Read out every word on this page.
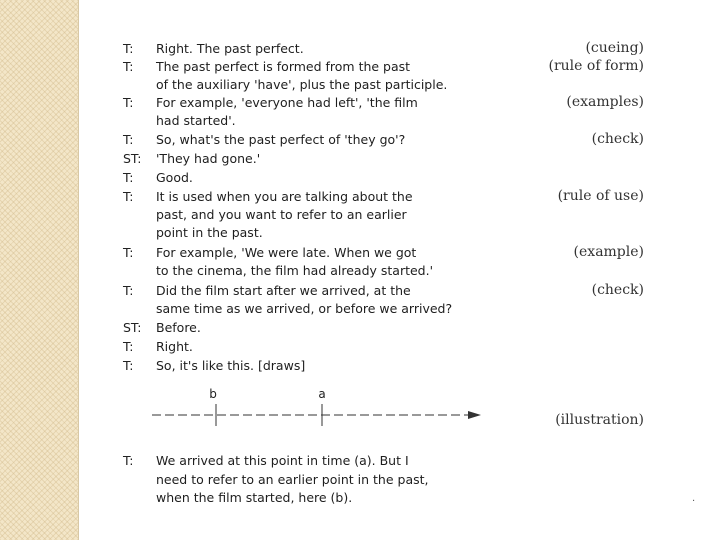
T:	Right. The past perfect.	(cueing)
T:	The past perfect is formed from the past	(rule of form)
of the auxiliary 'have', plus the past participle.
T:	For example, 'everyone had left', 'the film	(examples)
had started'.
T:	So, what's the past perfect of 'they go'?	(check)
ST:	'They had gone.'
T:	Good.
T:	It is used when you are talking about the	(rule of use)
past, and you want to refer to an earlier
point in the past.
T:	For example, 'We were late. When we got	(example)
to the cinema, the film had already started.'
T:	Did the film start after we arrived, at the	(check)
same time as we arrived, or before we arrived?
ST:	Before.
T:	Right.
T:	So, it's like this. [draws]
b	a
(illustration)
T:	We arrived at this point in time (a). But I
need to refer to an earlier point in the past,
when the film started, here (b).	.
